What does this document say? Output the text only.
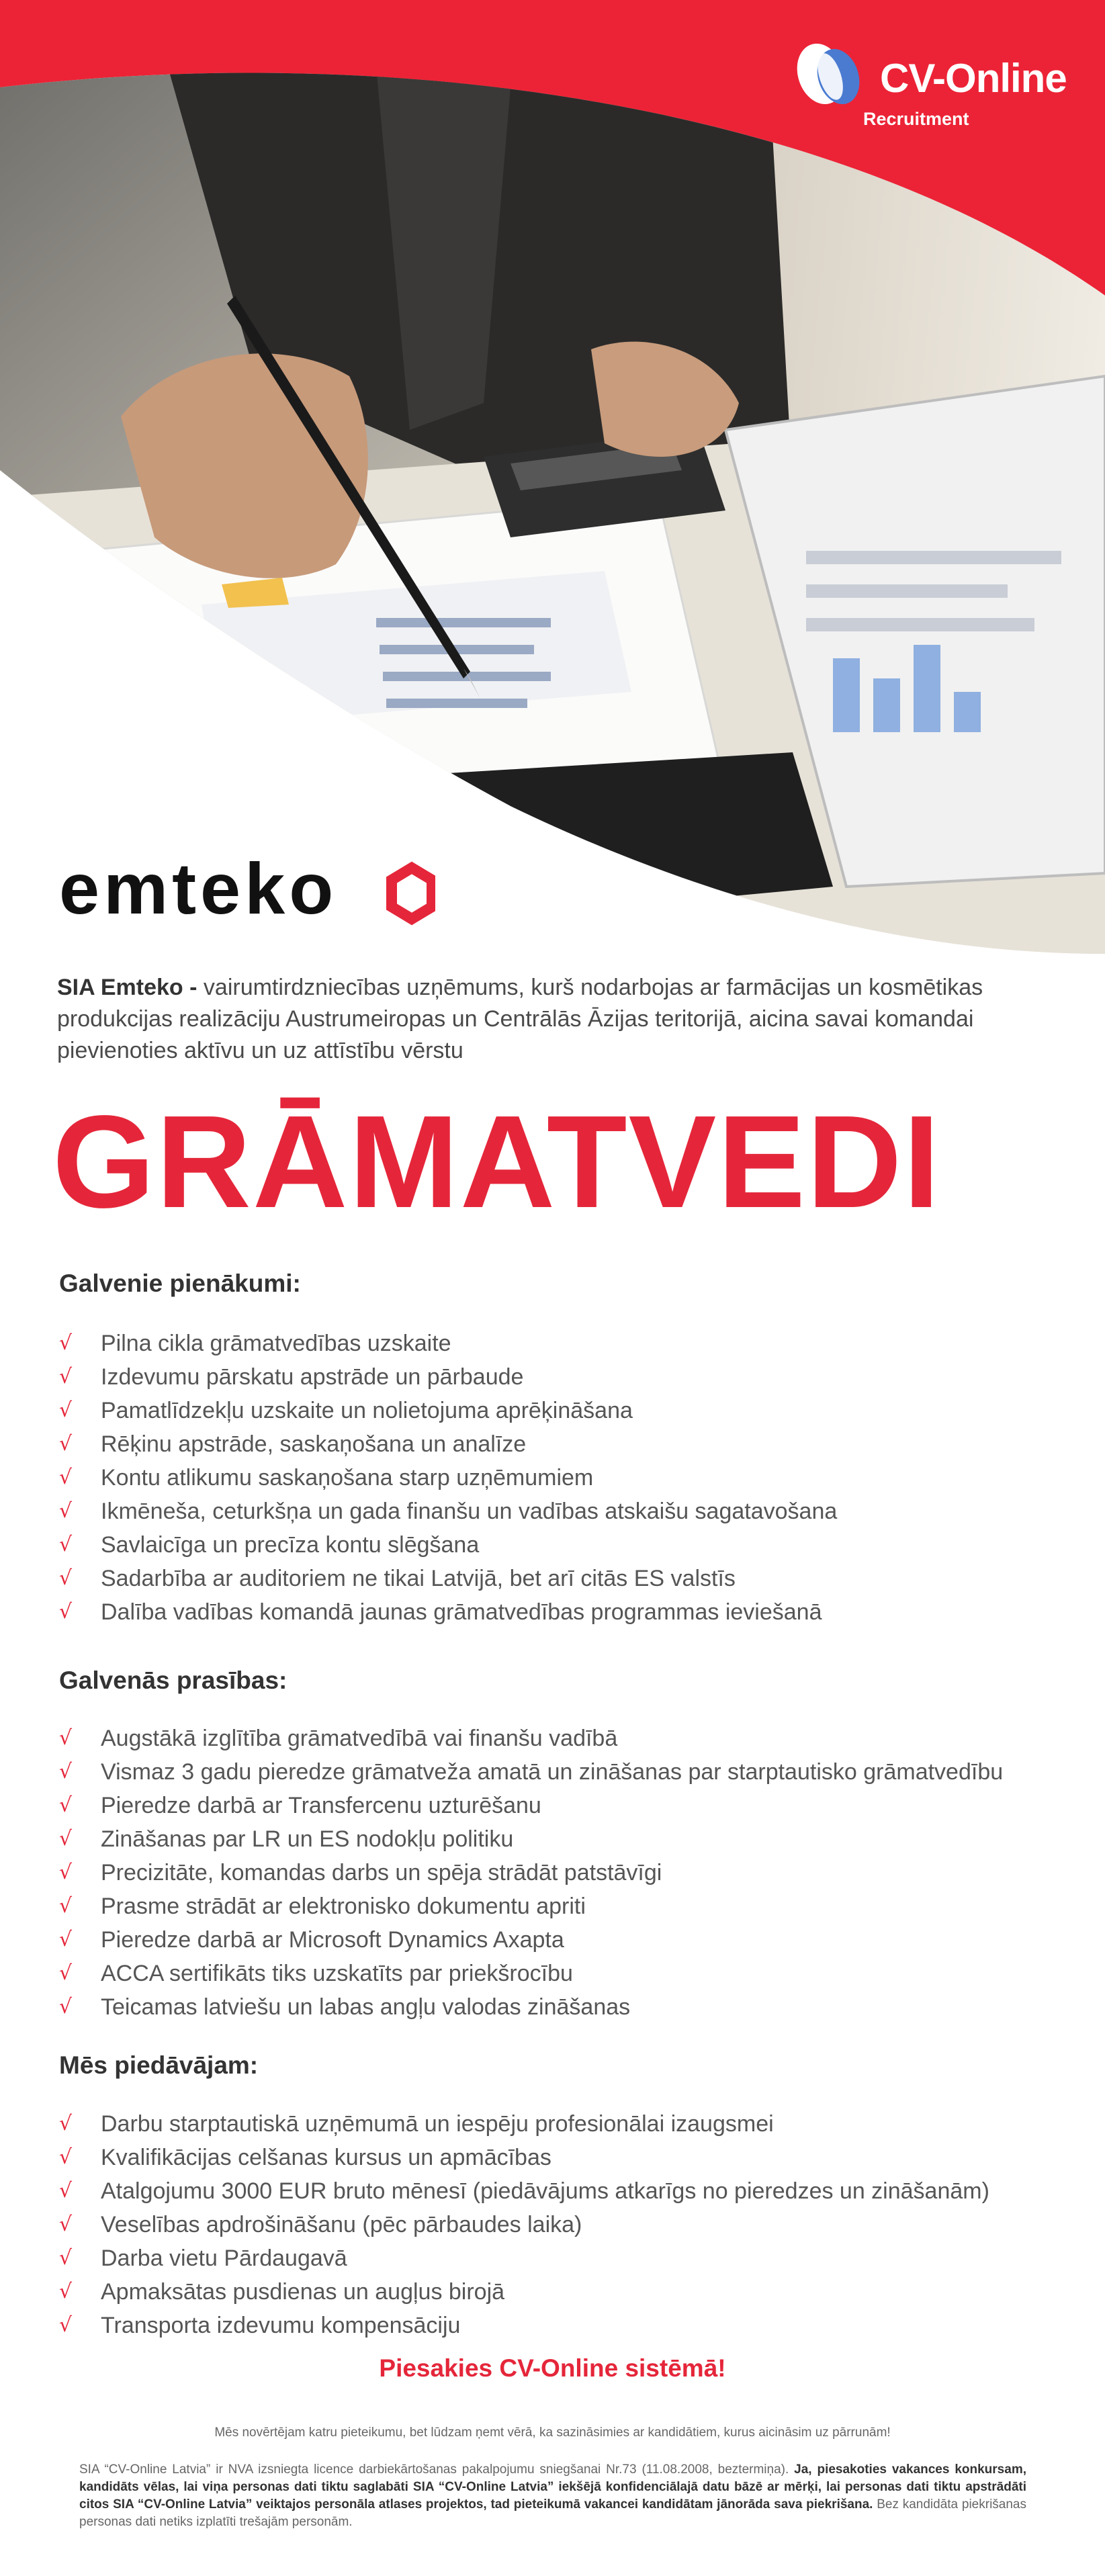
CV-Online
Recruitment
emteko
SIA Emteko - vairumtirdzniecības uzņēmums, kurš nodarbojas ar farmācijas un kosmētikas produkcijas realizāciju Austrumeiropas un Centrālās Āzijas teritorijā, aicina savai komandai pievienoties aktīvu un uz attīstību vērstu
GRĀMATVEDI
Galvenie pienākumi:
√ Pilna cikla grāmatvedības uzskaite
√ Izdevumu pārskatu apstrāde un pārbaude
√ Pamatlīdzekļu uzskaite un nolietojuma aprēķināšana
√ Rēķinu apstrāde, saskaņošana un analīze
√ Kontu atlikumu saskaņošana starp uzņēmumiem
√ Ikmēneša, ceturkšņa un gada finanšu un vadības atskaišu sagatavošana
√ Savlaicīga un precīza kontu slēgšana
√ Sadarbība ar auditoriem ne tikai Latvijā, bet arī citās ES valstīs
√ Dalība vadības komandā jaunas grāmatvedības programmas ieviešanā
Galvenās prasības:
√ Augstākā izglītība grāmatvedībā vai finanšu vadībā
√ Vismaz 3 gadu pieredze grāmatveža amatā un zināšanas par starptautisko grāmatvedību
√ Pieredze darbā ar Transfercenu uzturēšanu
√ Zināšanas par LR un ES nodokļu politiku
√ Precizitāte, komandas darbs un spēja strādāt patstāvīgi
√ Prasme strādāt ar elektronisko dokumentu apriti
√ Pieredze darbā ar Microsoft Dynamics Axapta
√ ACCA sertifikāts tiks uzskatīts par priekšrocību
√ Teicamas latviešu un labas angļu valodas zināšanas
Mēs piedāvājam:
√ Darbu starptautiskā uzņēmumā un iespēju profesionālai izaugsmei
√ Kvalifikācijas celšanas kursus un apmācības
√ Atalgojumu 3000 EUR bruto mēnesī (piedāvājums atkarīgs no pieredzes un zināšanām)
√ Veselības apdrošināšanu (pēc pārbaudes laika)
√ Darba vietu Pārdaugavā
√ Apmaksātas pusdienas un augļus birojā
√ Transporta izdevumu kompensāciju
Piesakies CV-Online sistēmā!
Mēs novērtējam katru pieteikumu, bet lūdzam ņemt vērā, ka sazināsimies ar kandidātiem, kurus aicināsim uz pārrunām!
SIA “CV-Online Latvia” ir NVA izsniegta licence darbiekārtošanas pakalpojumu sniegšanai Nr.73 (11.08.2008, beztermiņa). Ja, piesakoties vakances konkursam, kandidāts vēlas, lai viņa personas dati tiktu saglabāti SIA “CV-Online Latvia” iekšējā konfidenciālajā datu bāzē ar mērķi, lai personas dati tiktu apstrādāti citos SIA “CV-Online Latvia” veiktajos personāla atlases projektos, tad pieteikumā vakancei kandidātam jānorāda sava piekrišana. Bez kandidāta piekrišanas personas dati netiks izplatīti trešajām personām.
